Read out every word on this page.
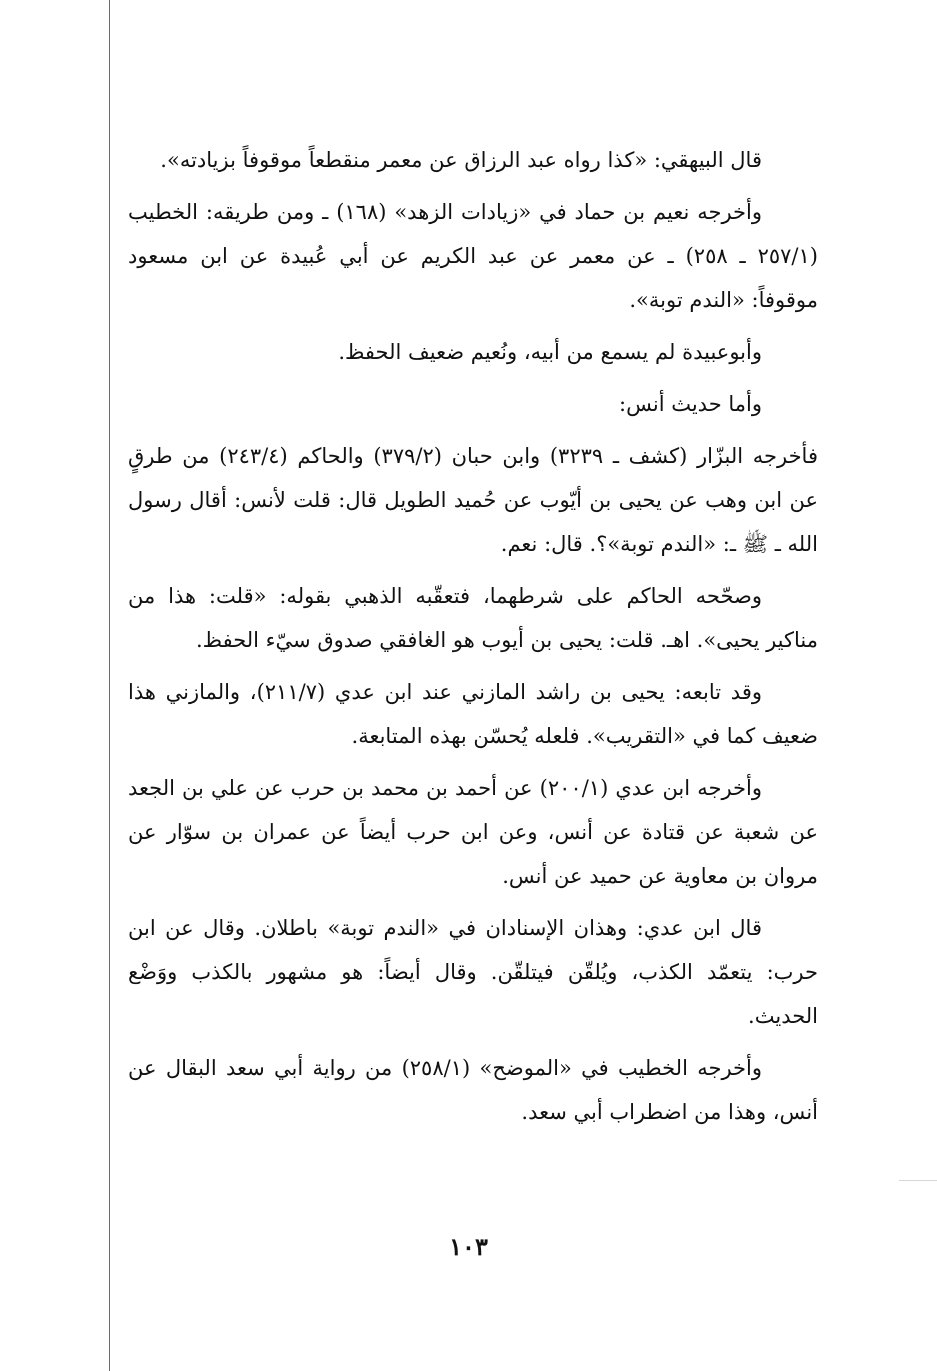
قال البيهقي: «كذا رواه عبد الرزاق عن معمر منقطعاً موقوفاً بزيادته».

وأخرجه نعيم بن حماد في «زيادات الزهد» (١٦٨) ـ ومن طريقه: الخطيب (٢٥٧/١ ـ ٢٥٨) ـ عن معمر عن عبد الكريم عن أبي عُبيدة عن ابن مسعود موقوفاً: «الندم توبة».

وأبوعبيدة لم يسمع من أبيه، ونُعيم ضعيف الحفظ.

وأما حديث أنس:

فأخرجه البزّار (كشف ـ ٣٢٣٩) وابن حبان (٣٧٩/٢) والحاكم (٢٤٣/٤) من طرقٍ عن ابن وهب عن يحيى بن أيّوب عن حُميد الطويل قال: قلت لأنس: أقال رسول الله ـ ﷺ ـ: «الندم توبة»؟. قال: نعم.

وصحّحه الحاكم على شرطهما، فتعقّبه الذهبي بقوله: «قلت: هذا من مناكير يحيى». اهـ. قلت: يحيى بن أيوب هو الغافقي صدوق سيّء الحفظ.

وقد تابعه: يحيى بن راشد المازني عند ابن عدي (٢١١/٧)، والمازني هذا ضعيف كما في «التقريب». فلعله يُحسّن بهذه المتابعة.

وأخرجه ابن عدي (٢٠٠/١) عن أحمد بن محمد بن حرب عن علي بن الجعد عن شعبة عن قتادة عن أنس، وعن ابن حرب أيضاً عن عمران بن سوّار عن مروان بن معاوية عن حميد عن أنس.

قال ابن عدي: وهذان الإسنادان في «الندم توبة» باطلان. وقال عن ابن حرب: يتعمّد الكذب، ويُلقّن فيتلقّن. وقال أيضاً: هو مشهور بالكذب ووَضْع الحديث.

وأخرجه الخطيب في «الموضح» (٢٥٨/١) من رواية أبي سعد البقال عن أنس، وهذا من اضطراب أبي سعد.

١٠٣
